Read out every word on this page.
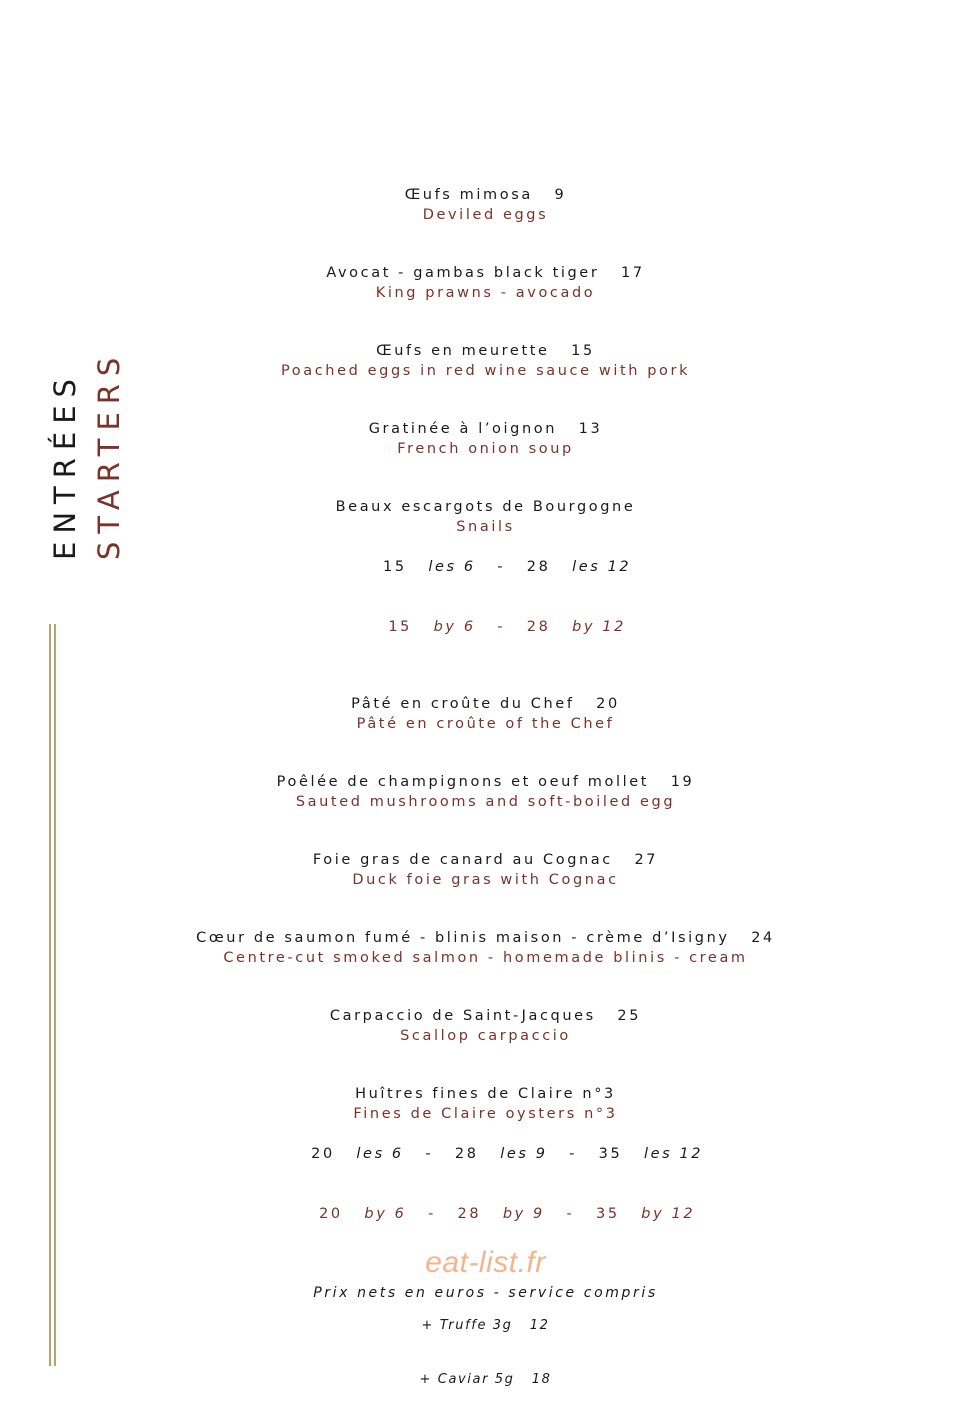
ENTRÉES STARTERS
Œufs mimosa   9
Deviled eggs
Avocat - gambas black tiger   17
King prawns - avocado
Œufs en meurette   15
Poached eggs in red wine sauce with pork
Gratinée à l’oignon   13
French onion soup
Beaux escargots de Bourgogne
Snails

15 les 6 - 28 les 12

15 by 6 - 28 by 12

Pâté en croûte du Chef   20
Pâté en croûte of the Chef
Poêlée de champignons et oeuf mollet   19
Sauted mushrooms and soft-boiled egg
Foie gras de canard au Cognac   27
Duck foie gras with Cognac
Cœur de saumon fumé - blinis maison - crème d’Isigny   24
Centre-cut smoked salmon - homemade blinis - cream
Carpaccio de Saint-Jacques   25
Scallop carpaccio
Huîtres fines de Claire n°3
Fines de Claire oysters n°3

20 les 6 - 28 les 9 - 35 les 12

20 by 6 - 28 by 9 - 35 by 12

+ Truffe 3g 12

+ Caviar 5g 18

eat-list.fr
Prix nets en euros - service compris
